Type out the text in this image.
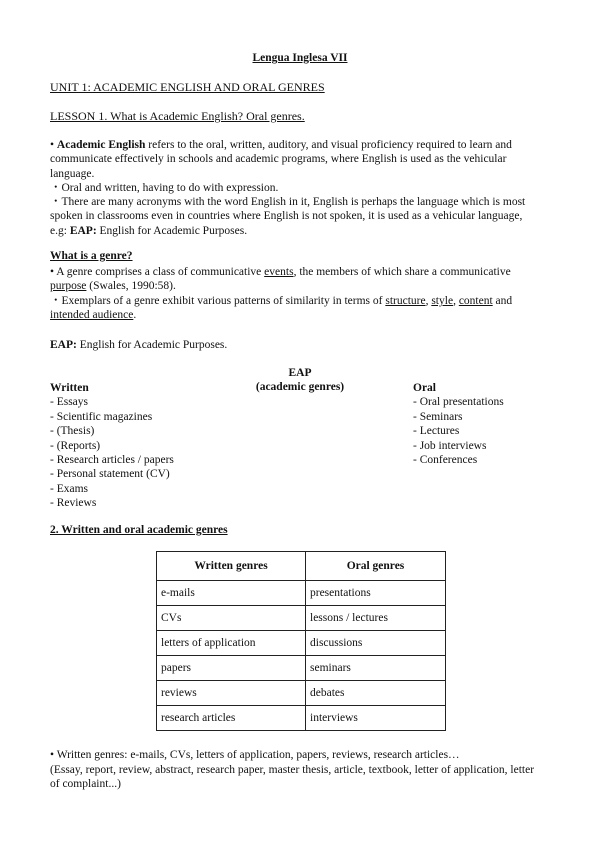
Lengua Inglesa VII
UNIT 1: ACADEMIC ENGLISH AND ORAL GENRES
LESSON 1. What is Academic English? Oral genres.
• Academic English refers to the oral, written, auditory, and visual proficiency required to learn and communicate effectively in schools and academic programs, where English is used as the vehicular language.
・Oral and written, having to do with expression.
・There are many acronyms with the word English in it, English is perhaps the language which is most spoken in classrooms even in countries where English is not spoken, it is used as a vehicular language, e.g: EAP: English for Academic Purposes.
What is a genre?
• A genre comprises a class of communicative events, the members of which share a communicative purpose (Swales, 1990:58).
・Exemplars of a genre exhibit various patterns of similarity in terms of structure, style, content and intended audience.
EAP: English for Academic Purposes.
EAP
(academic genres)
Written
- Essays
- Scientific magazines
- (Thesis)
- (Reports)
- Research articles / papers
- Personal statement (CV)
- Exams
- Reviews
Oral
- Oral presentations
- Seminars
- Lectures
- Job interviews
- Conferences
2. Written and oral academic genres
Written genres	Oral genres
e-mails	presentations
CVs	lessons / lectures
letters of application	discussions
papers	seminars
reviews	debates
research articles	interviews
• Written genres: e-mails, CVs, letters of application, papers, reviews, research articles…
(Essay, report, review, abstract, research paper, master thesis, article, textbook, letter of application, letter of complaint...)
